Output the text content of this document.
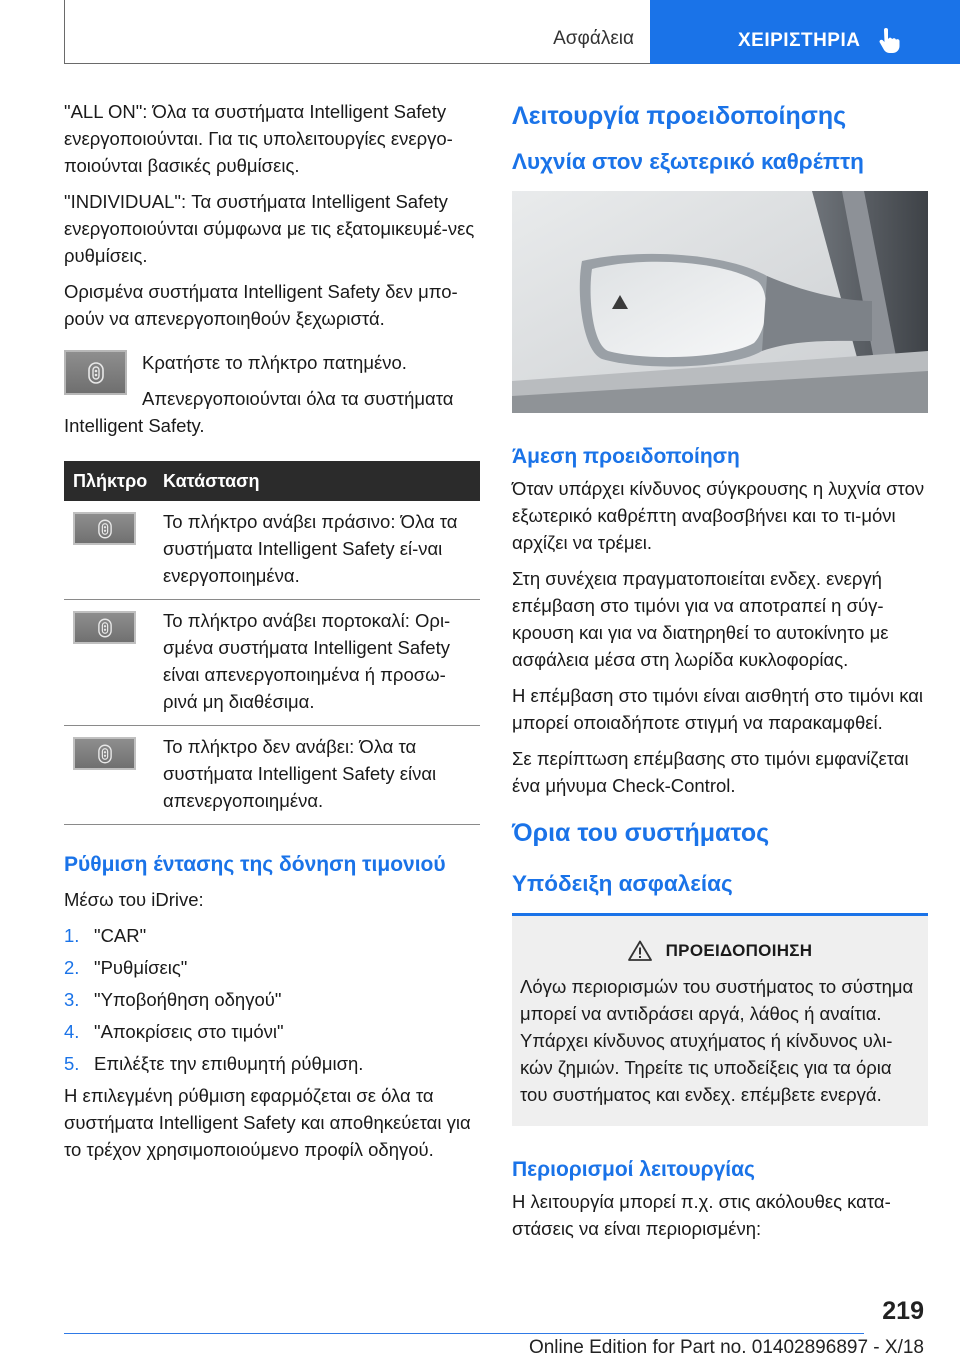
Ασφάλεια	ΧΕΙΡΙΣΤΗΡΙΑ

"ALL ON": Όλα τα συστήματα Intelligent Safety ενεργοποιούνται. Για τις υπολειτουργίες ενεργο-ποιούνται βασικές ρυθμίσεις.

"INDIVIDUAL": Τα συστήματα Intelligent Safety ενεργοποιούνται σύμφωνα με τις εξατομικευμέ-νες ρυθμίσεις.

Ορισμένα συστήματα Intelligent Safety δεν μπο-ρούν να απενεργοποιηθούν ξεχωριστά.

Κρατήστε το πλήκτρο πατημένο.

Απενεργοποιούνται όλα τα συστήματα Intelligent Safety.

Πλήκτρο	Κατάσταση

	Το πλήκτρο ανάβει πράσινο: Όλα τα συστήματα Intelligent Safety εί-ναι ενεργοποιημένα.

	Το πλήκτρο ανάβει πορτοκαλί: Ορι-σμένα συστήματα Intelligent Safety είναι απενεργοποιημένα ή προσω-ρινά μη διαθέσιμα.

	Το πλήκτρο δεν ανάβει: Όλα τα συστήματα Intelligent Safety είναι απενεργοποιημένα.
Ρύθμιση έντασης της δόνηση τιμονιού

Μέσω του iDrive:

1. "CAR"
2. "Ρυθμίσεις"
3. "Υποβοήθηση οδηγού"
4. "Αποκρίσεις στο τιμόνι"
5. Επιλέξτε την επιθυμητή ρύθμιση.

Η επιλεγμένη ρύθμιση εφαρμόζεται σε όλα τα συστήματα Intelligent Safety και αποθηκεύεται για το τρέχον χρησιμοποιούμενο προφίλ οδηγού.

Λειτουργία προειδοποίησης
Λυχνία στον εξωτερικό καθρέπτη
Άμεση προειδοποίηση

Όταν υπάρχει κίνδυνος σύγκρουσης η λυχνία στον εξωτερικό καθρέπτη αναβοσβήνει και το τι-μόνι αρχίζει να τρέμει.

Στη συνέχεια πραγματοποιείται ενδεχ. ενεργή επέμβαση στο τιμόνι για να αποτραπεί η σύγ-κρουση και για να διατηρηθεί το αυτοκίνητο με ασφάλεια μέσα στη λωρίδα κυκλοφορίας.

Η επέμβαση στο τιμόνι είναι αισθητή στο τιμόνι και μπορεί οποιαδήποτε στιγμή να παρακαμφθεί.

Σε περίπτωση επέμβασης στο τιμόνι εμφανίζεται ένα μήνυμα Check-Control.

Όρια του συστήματος
Υπόδειξη ασφαλείας
ΠΡΟΕΙΔΟΠΟΙΗΣΗ

Λόγω περιορισμών του συστήματος το σύστημα μπορεί να αντιδράσει αργά, λάθος ή αναίτια. Υπάρχει κίνδυνος ατυχήματος ή κίνδυνος υλι-κών ζημιών. Τηρείτε τις υποδείξεις για τα όρια του συστήματος και ενδεχ. επέμβετε ενεργά.

Περιορισμοί λειτουργίας

Η λειτουργία μπορεί π.χ. στις ακόλουθες κατα-στάσεις να είναι περιορισμένη:

219
Online Edition for Part no. 01402896897 - X/18
